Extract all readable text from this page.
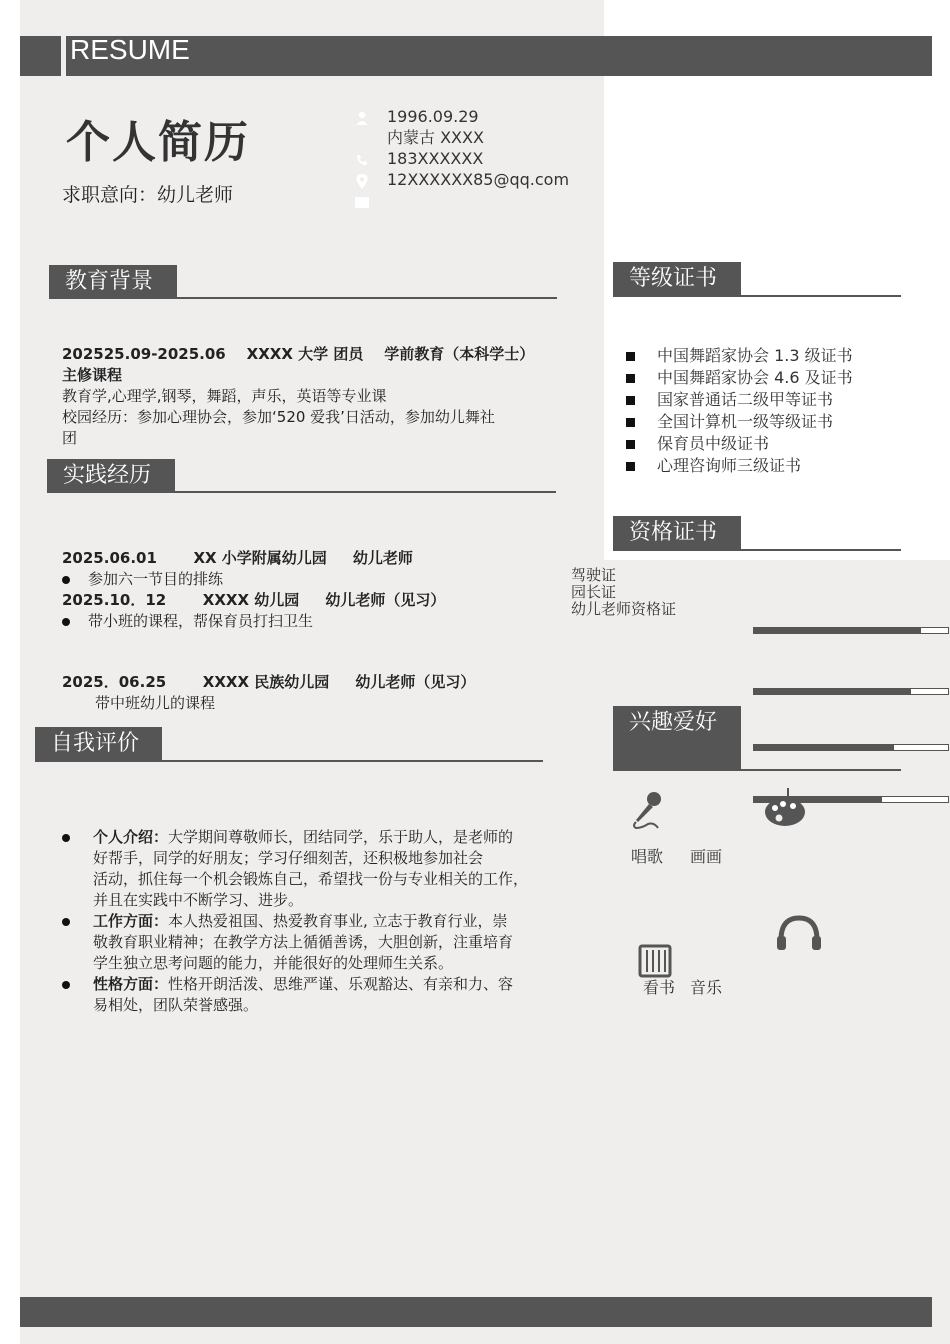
RESUME
个人简历
求职意向：幼儿老师
1996.09.29
内蒙古 XXXX
183XXXXXX
12XXXXXX85@qq.com
教育背景
202525.09-2025.06    XXXX 大学 团员    学前教育（本科学士）
主修课程
教育学,心理学,钢琴，舞蹈，声乐，英语等专业课
校园经历：参加心理协会，参加‘520 爱我’日活动，参加幼儿舞社
团
实践经历
2025.06.01       XX 小学附属幼儿园     幼儿老师
参加六一节目的排练
2025.10．12       XXXX 幼儿园     幼儿老师（见习）
带小班的课程，帮保育员打扫卫生
2025．06.25       XXXX 民族幼儿园     幼儿老师（见习）
带中班幼儿的课程
自我评价
个人介绍：大学期间尊敬师长，团结同学，乐于助人，是老师的
好帮手，同学的好朋友；学习仔细刻苦，还积极地参加社会
活动，抓住每一个机会锻炼自己，希望找一份与专业相关的工作，
并且在实践中不断学习、进步。
工作方面：本人热爱祖国、热爱教育事业, 立志于教育行业，崇
敬教育职业精神；在教学方法上循循善诱，大胆创新，注重培育
学生独立思考问题的能力，并能很好的处理师生关系。
性格方面：性格开朗活泼、思维严谨、乐观豁达、有亲和力、容
易相处，团队荣誉感强。
等级证书
中国舞蹈家协会 1.3 级证书
中国舞蹈家协会 4.6 及证书
国家普通话二级甲等证书
全国计算机一级等级证书
保育员中级证书
心理咨询师三级证书
资格证书
驾驶证
园长证
幼儿老师资格证
兴趣爱好
唱歌 画画
看书 音乐
